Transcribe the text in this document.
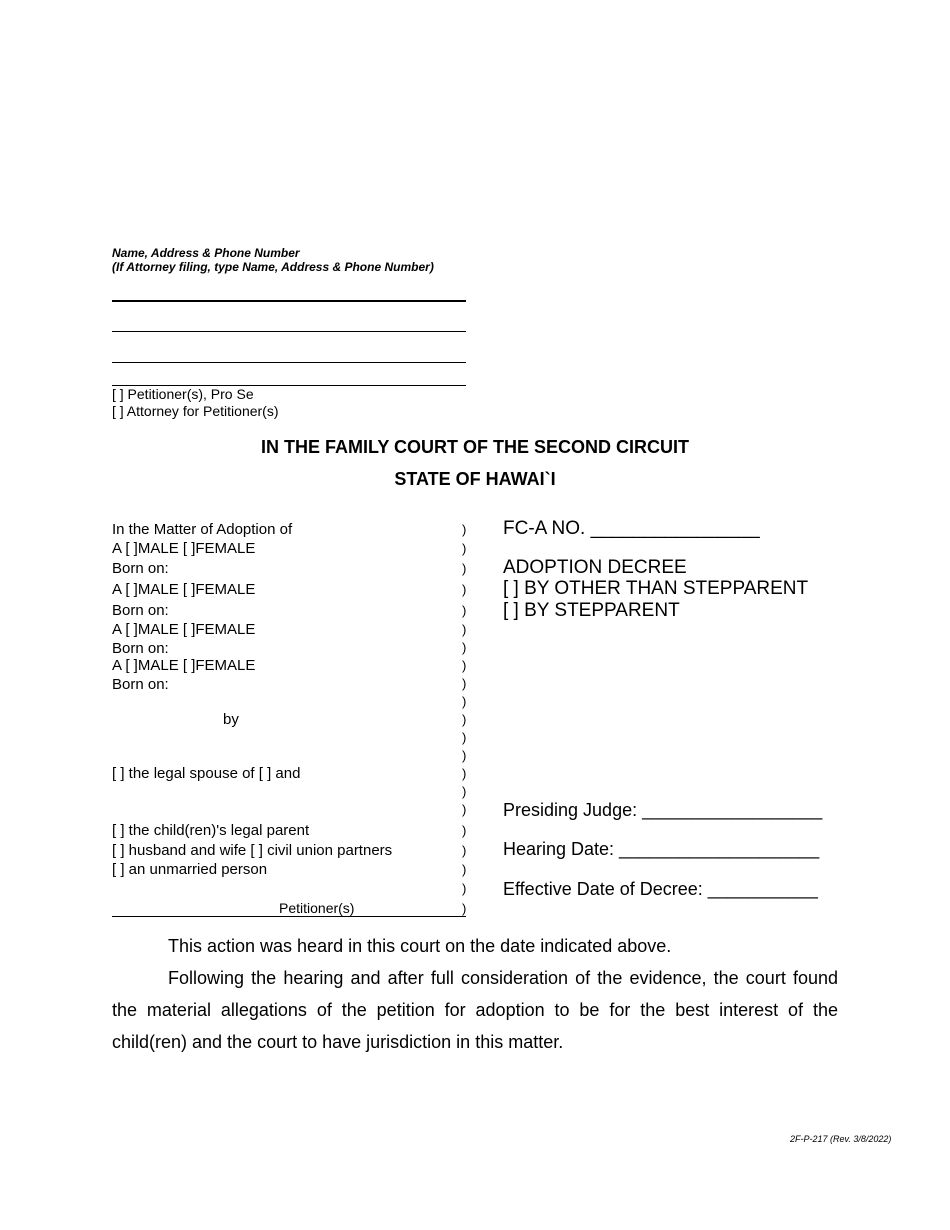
Name, Address & Phone Number
(If Attorney filing, type Name, Address & Phone Number)
[ ] Petitioner(s), Pro Se
[ ] Attorney for Petitioner(s)
IN THE FAMILY COURT OF THE SECOND CIRCUIT
STATE OF HAWAI`I
In the Matter of Adoption of
A [ ]MALE [ ]FEMALE
Born on:
A [ ]MALE [ ]FEMALE
Born on:
A [ ]MALE [ ]FEMALE
Born on:
A [ ]MALE [ ]FEMALE
Born on:
by
[ ] the legal spouse of [ ] and
[ ] the child(ren)'s legal parent
[ ] husband and wife [ ] civil union partners
[ ] an unmarried person
Petitioner(s)
)
)
)
)
)
)
)
)
)
)
)
)
)
)
)
)
)
)
)
)
)
FC-A NO. ________________
ADOPTION DECREE
[ ] BY OTHER THAN STEPPARENT
[ ] BY STEPPARENT
Presiding Judge: __________________
Hearing Date: ____________________
Effective Date of Decree: ___________
This action was heard in this court on the date indicated above.
Following the hearing and after full consideration of the evidence, the court found the material allegations of the petition for adoption to be for the best interest of the child(ren) and the court to have jurisdiction in this matter.
2F-P-217 (Rev. 3/8/2022)
